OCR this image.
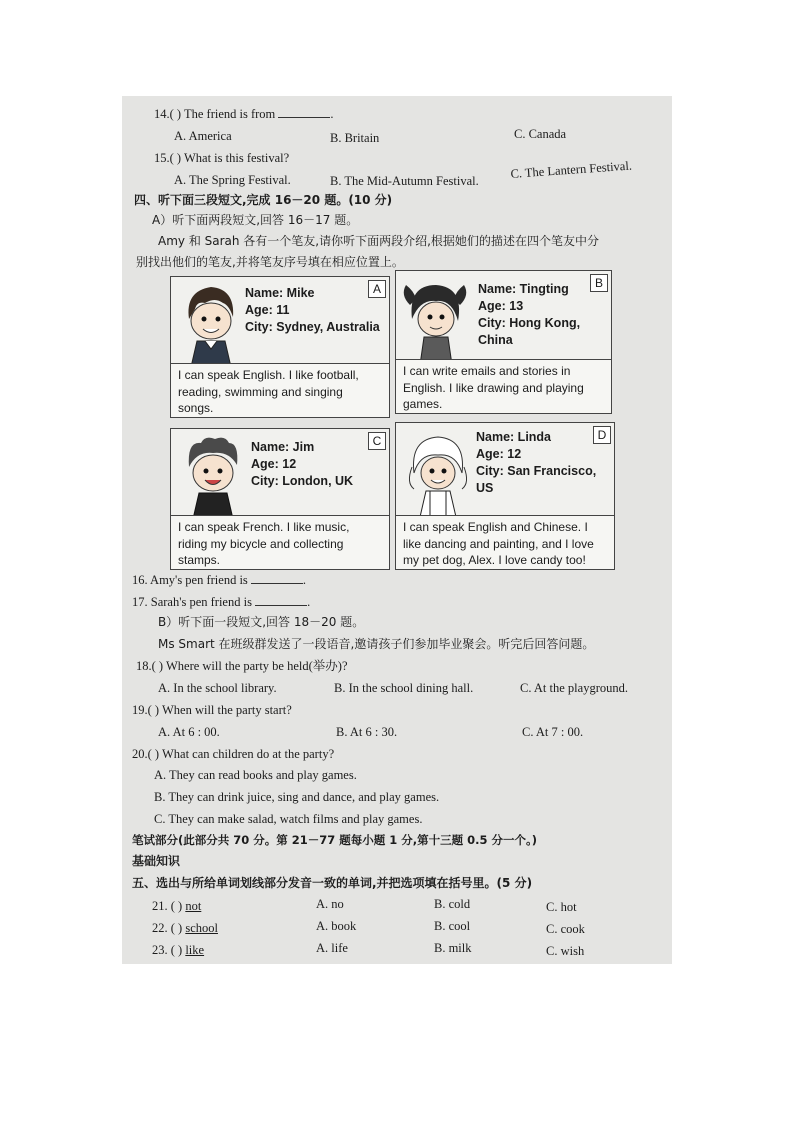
14.( ) The friend is from	.
A. America	B. Britain	C. Canada
15.( ) What is this festival?
A. The Spring Festival.	B. The Mid-Autumn Festival.
C. The Lantern Festival.
四、听下面三段短文,完成 16－20 题。(10 分)
A）听下面两段短文,回答 16－17 题。
Amy 和 Sarah 各有一个笔友,请你听下面两段介绍,根据她们的描述在四个笔友中分
别找出他们的笔友,并将笔友序号填在相应位置上。
Name: Mike
Age: 11
City: Sydney, Australia
A
I can speak English. I like football,
reading, swimming and singing
songs.
Name: Tingting
Age: 13
City: Hong Kong,
China
B
I can write emails and stories in
English. I like drawing and playing
games.
Name: Jim
Age: 12
City: London, UK
C
I can speak French. I like music,
riding my bicycle and collecting
stamps.
Name: Linda
Age: 12
City: San Francisco,
US
D
I can speak English and Chinese. I
like dancing and painting, and I love
my pet dog, Alex. I love candy too!
16. Amy's pen friend is	.
17. Sarah's pen friend is	.
B）听下面一段短文,回答 18－20 题。
Ms Smart 在班级群发送了一段语音,邀请孩子们参加毕业聚会。听完后回答问题。
18.( ) Where will the party be held(举办)?
A. In the school library.	B. In the school dining hall.	C. At the playground.
19.( ) When will the party start?
A. At 6 : 00.	B. At 6 : 30.	C. At 7 : 00.
20.( ) What can children do at the party?
A. They can read books and play games.
B. They can drink juice, sing and dance, and play games.
C. They can make salad, watch films and play games.
笔试部分(此部分共 70 分。第 21－77 题每小题 1 分,第十三题 0.5 分一个。)
基础知识
五、选出与所给单词划线部分发音一致的单词,并把选项填在括号里。(5 分)
21. ( ) not	A. no	B. cold	C. hot
22. ( ) school	A. book	B. cool	C. cook
23. ( ) like	A. life	B. milk	C. wish
